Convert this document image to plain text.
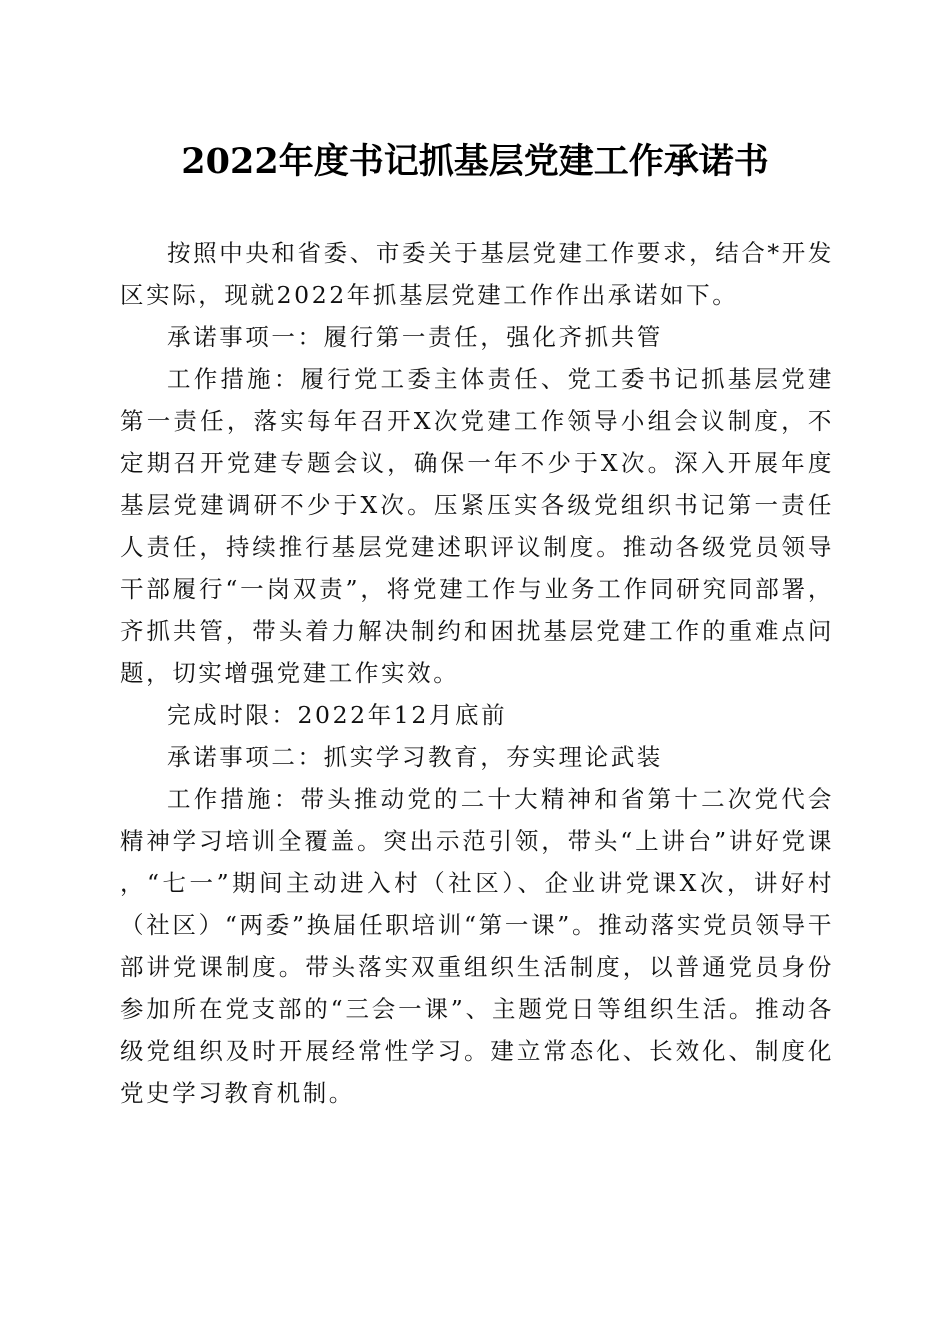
2022年度书记抓基层党建工作承诺书

按照中央和省委、市委关于基层党建工作要求，结合*开发区实际，现就2022年抓基层党建工作作出承诺如下。

承诺事项一：履行第一责任，强化齐抓共管

工作措施：履行党工委主体责任、党工委书记抓基层党建第一责任，落实每年召开X次党建工作领导小组会议制度，不定期召开党建专题会议，确保一年不少于X次。深入开展年度基层党建调研不少于X次。压紧压实各级党组织书记第一责任人责任，持续推行基层党建述职评议制度。推动各级党员领导干部履行“一岗双责”，将党建工作与业务工作同研究同部署，齐抓共管，带头着力解决制约和困扰基层党建工作的重难点问题，切实增强党建工作实效。

完成时限：2022年12月底前

承诺事项二：抓实学习教育，夯实理论武装

工作措施：带头推动党的二十大精神和省第十二次党代会精神学习培训全覆盖。突出示范引领，带头“上讲台”讲好党课，“七一”期间主动进入村（社区）、企业讲党课X次，讲好村（社区）“两委”换届任职培训“第一课”。推动落实党员领导干部讲党课制度。带头落实双重组织生活制度，以普通党员身份参加所在党支部的“三会一课”、主题党日等组织生活。推动各级党组织及时开展经常性学习。建立常态化、长效化、制度化党史学习教育机制。
